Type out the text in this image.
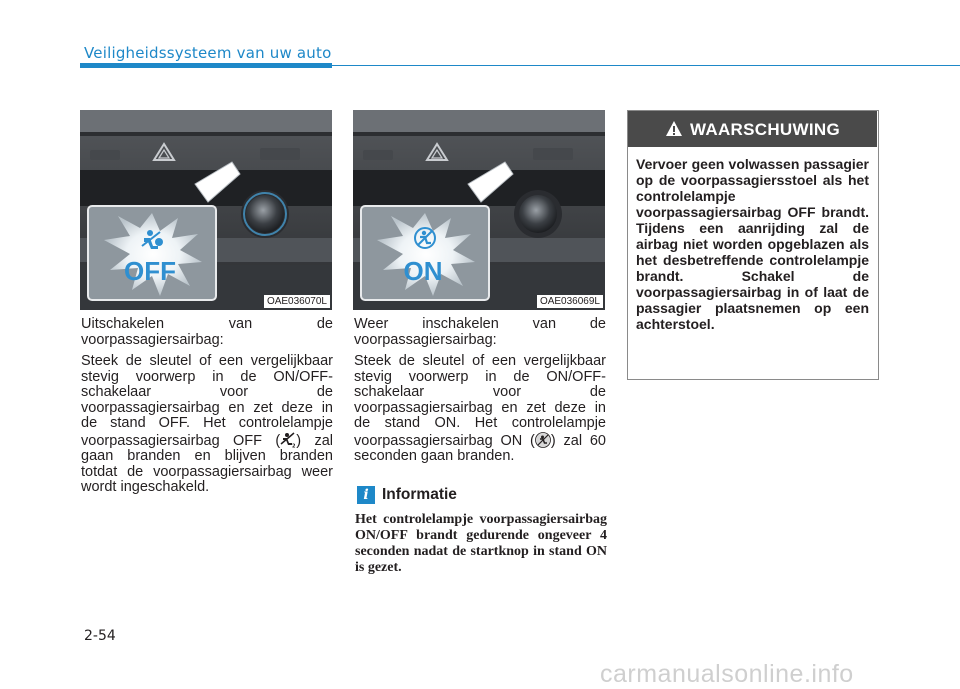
Veiligheidssysteem van uw auto
OFF
OAE036070L
ON
OAE036069L

Uitschakelen van de voorpassagiersairbag:

Steek de sleutel of een vergelijkbaar stevig voorwerp in de ON/OFF-schakelaar voor de voorpassagiersairbag en zet deze in de stand OFF. Het controlelampje voorpassagiersairbag OFF ( 2 ) zal gaan branden en blijven branden totdat de voorpassagiersairbag weer wordt ingeschakeld.

Weer inschakelen van de voorpassagiersairbag:

Steek de sleutel of een vergelijkbaar stevig voorwerp in de ON/OFF-schakelaar voor de voorpassagiersairbag en zet deze in de stand ON. Het controlelampje voorpassagiersairbag ON ( ) zal 60 seconden gaan branden.

i Informatie
Het controlelampje voorpassagiersairbag ON/OFF brandt gedurende ongeveer 4 seconden nadat de startknop in stand ON is gezet.
WAARSCHUWING
Vervoer geen volwassen passagier op de voorpassagiersstoel als het controlelampje voorpassagiersairbag OFF brandt. Tijdens een aanrijding zal de airbag niet worden opgeblazen als het desbetreffende controlelampje brandt. Schakel de voorpassagiersairbag in of laat de passagier plaatsnemen op een achterstoel.
2-54
carmanualsonline.info
